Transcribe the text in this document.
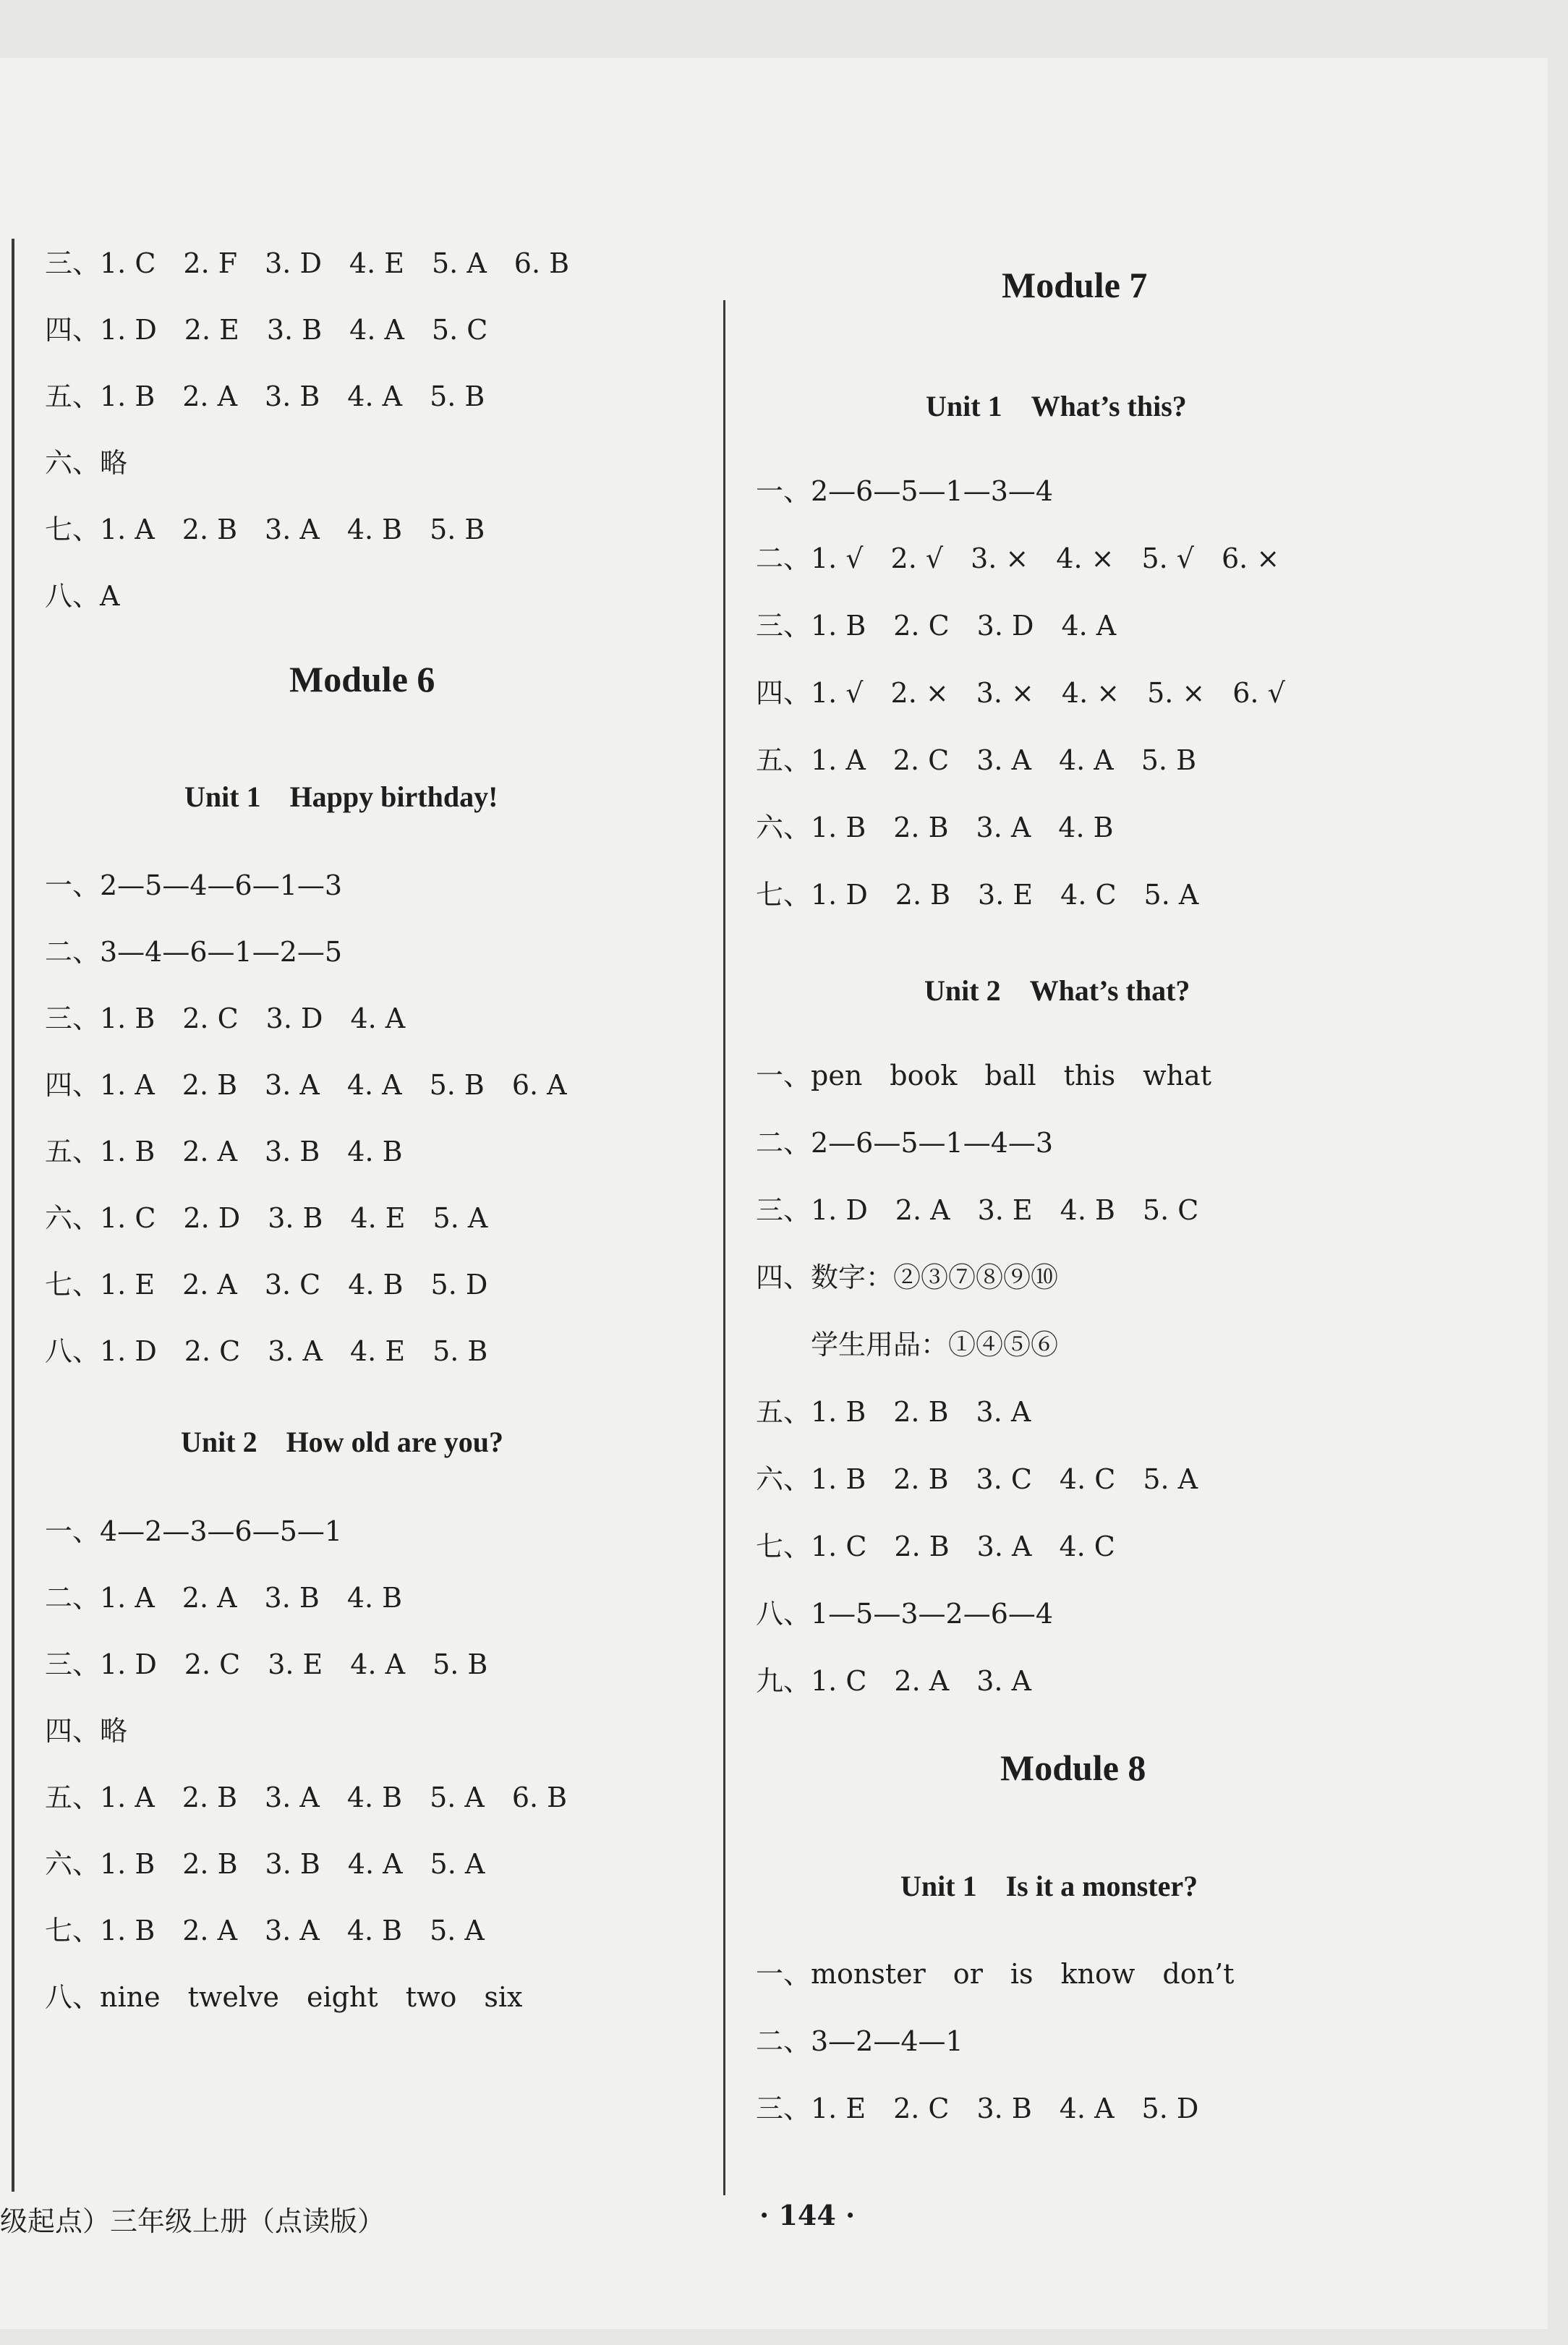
三、1. C　2. F　3. D　4. E　5. A　6. B
四、1. D　2. E　3. B　4. A　5. C
五、1. B　2. A　3. B　4. A　5. B
六、略
七、1. A　2. B　3. A　4. B　5. B
八、A
Module 6
Unit 1　Happy birthday!
一、2—5—4—6—1—3
二、3—4—6—1—2—5
三、1. B　2. C　3. D　4. A
四、1. A　2. B　3. A　4. A　5. B　6. A
五、1. B　2. A　3. B　4. B
六、1. C　2. D　3. B　4. E　5. A
七、1. E　2. A　3. C　4. B　5. D
八、1. D　2. C　3. A　4. E　5. B
Unit 2　How old are you?
一、4—2—3—6—5—1
二、1. A　2. A　3. B　4. B
三、1. D　2. C　3. E　4. A　5. B
四、略
五、1. A　2. B　3. A　4. B　5. A　6. B
六、1. B　2. B　3. B　4. A　5. A
七、1. B　2. A　3. A　4. B　5. A
八、nine　twelve　eight　two　six
Module 7
Unit 1　What’s this?
一、2—6—5—1—3—4
二、1. √　2. √　3. ×　4. ×　5. √　6. ×
三、1. B　2. C　3. D　4. A
四、1. √　2. ×　3. ×　4. ×　5. ×　6. √
五、1. A　2. C　3. A　4. A　5. B
六、1. B　2. B　3. A　4. B
七、1. D　2. B　3. E　4. C　5. A
Unit 2　What’s that?
一、pen　book　ball　this　what
二、2—6—5—1—4—3
三、1. D　2. A　3. E　4. B　5. C
四、数字：②③⑦⑧⑨⑩
　　学生用品：①④⑤⑥
五、1. B　2. B　3. A
六、1. B　2. B　3. C　4. C　5. A
七、1. C　2. B　3. A　4. C
八、1—5—3—2—6—4
九、1. C　2. A　3. A
Module 8
Unit 1　Is it a monster?
一、monster　or　is　know　don’t
二、3—2—4—1
三、1. E　2. C　3. B　4. A　5. D
级起点）三年级上册（点读版）	· 144 ·
